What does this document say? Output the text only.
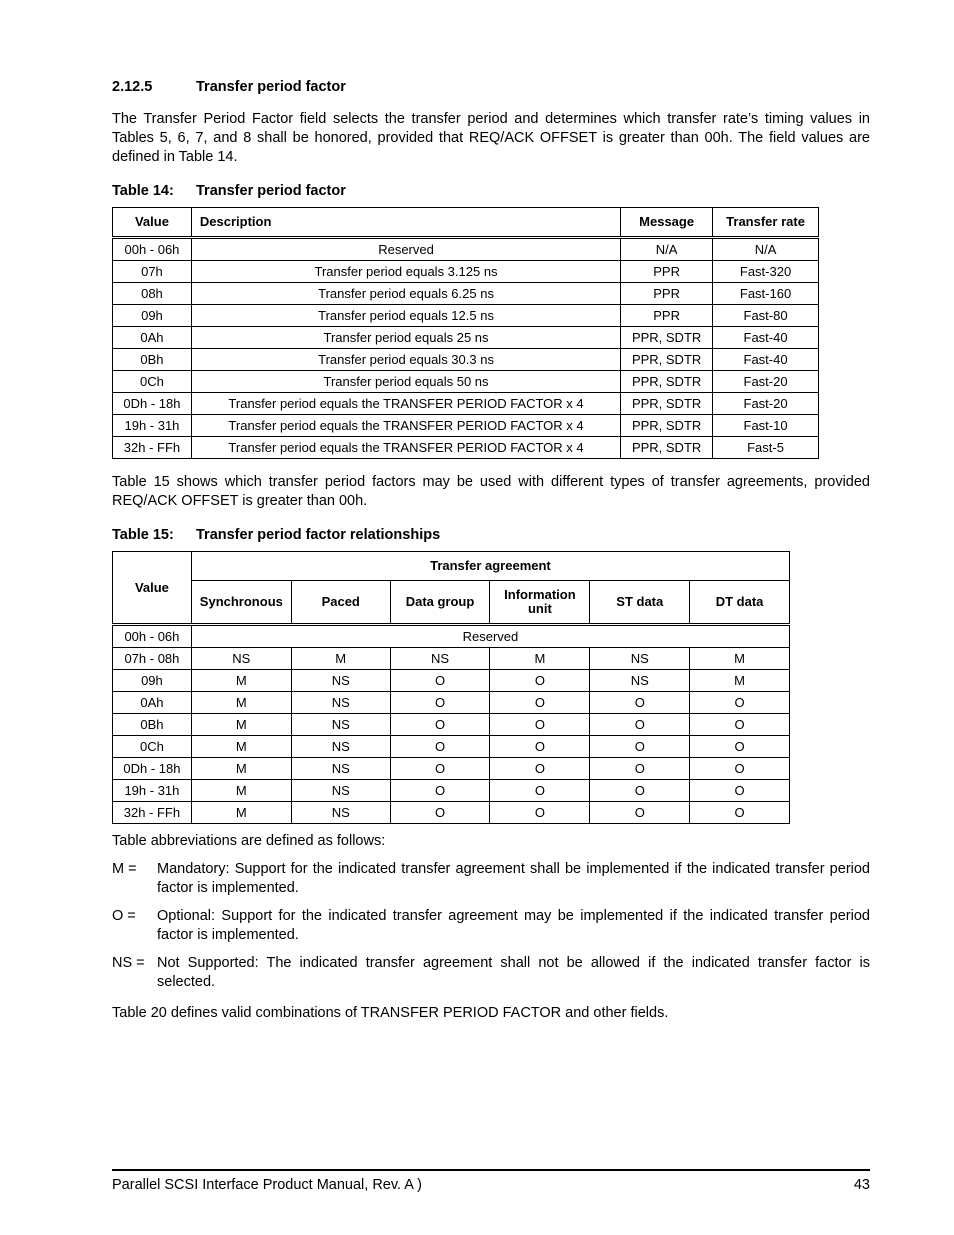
2.12.5	Transfer period factor
The Transfer Period Factor field selects the transfer period and determines which transfer rate’s timing values in Tables 5, 6, 7, and 8 shall be honored, provided that REQ/ACK OFFSET is greater than 00h. The field values are defined in Table 14.
Table 14: Transfer period factor
Value	Description	Message	Transfer rate
00h - 06h	Reserved	N/A	N/A
07h	Transfer period equals 3.125 ns	PPR	Fast-320
08h	Transfer period equals 6.25 ns	PPR	Fast-160
09h	Transfer period equals 12.5 ns	PPR	Fast-80
0Ah	Transfer period equals 25 ns	PPR, SDTR	Fast-40
0Bh	Transfer period equals 30.3 ns	PPR, SDTR	Fast-40
0Ch	Transfer period equals 50 ns	PPR, SDTR	Fast-20
0Dh - 18h	Transfer period equals the TRANSFER PERIOD FACTOR x 4	PPR, SDTR	Fast-20
19h - 31h	Transfer period equals the TRANSFER PERIOD FACTOR x 4	PPR, SDTR	Fast-10
32h - FFh	Transfer period equals the TRANSFER PERIOD FACTOR x 4	PPR, SDTR	Fast-5
Table 15 shows which transfer period factors may be used with different types of transfer agreements, provided REQ/ACK OFFSET is greater than 00h.
Table 15: Transfer period factor relationships
Value	Transfer agreement					
	Synchronous	Paced	Data group	Information unit	ST data	DT data
00h - 06h	Reserved					
07h - 08h	NS	M	NS	M	NS	M
09h	M	NS	O	O	NS	M
0Ah	M	NS	O	O	O	O
0Bh	M	NS	O	O	O	O
0Ch	M	NS	O	O	O	O
0Dh - 18h	M	NS	O	O	O	O
19h - 31h	M	NS	O	O	O	O
32h - FFh	M	NS	O	O	O	O
Table abbreviations are defined as follows:
M = Mandatory: Support for the indicated transfer agreement shall be implemented if the indicated transfer period factor is implemented.
O = Optional: Support for the indicated transfer agreement may be implemented if the indicated transfer period factor is implemented.
NS = Not Supported: The indicated transfer agreement shall not be allowed if the indicated transfer factor is selected.
Table 20 defines valid combinations of TRANSFER PERIOD FACTOR and other fields.
Parallel SCSI Interface Product Manual, Rev. A )	43
